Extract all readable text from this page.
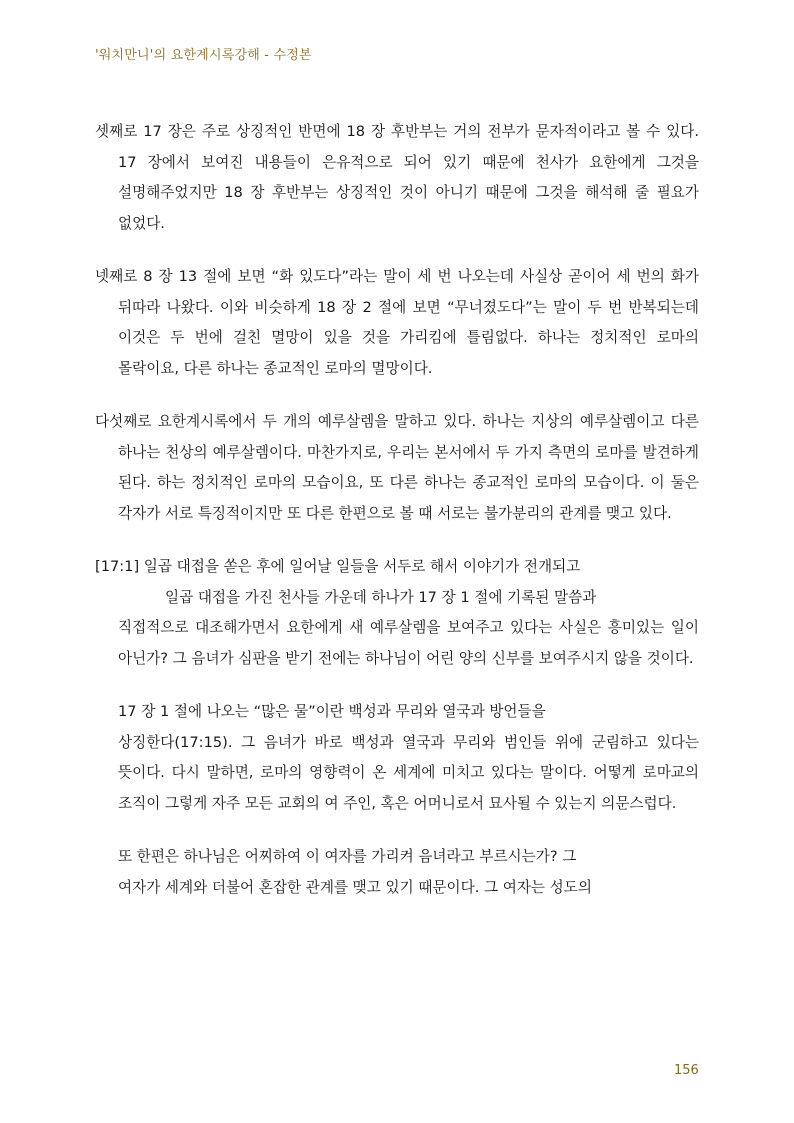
'워치만니'의 요한계시록강해 - 수정본

셋째로 17 장은 주로 상징적인 반면에 18 장 후반부는 거의 전부가 문자적이라고 볼 수 있다. 17 장에서 보여진 내용들이 은유적으로 되어 있기 때문에 천사가 요한에게 그것을 설명해주었지만 18 장 후반부는 상징적인 것이 아니기 때문에 그것을 해석해 줄 필요가 없었다.

넷째로 8 장 13 절에 보면 “화 있도다”라는 말이 세 번 나오는데 사실상 곧이어 세 번의 화가 뒤따라 나왔다. 이와 비슷하게 18 장 2 절에 보면 “무너졌도다”는 말이 두 번 반복되는데 이것은 두 번에 걸친 멸망이 있을 것을 가리킴에 틀림없다. 하나는 정치적인 로마의 몰락이요, 다른 하나는 종교적인 로마의 멸망이다.

다섯째로 요한계시록에서 두 개의 예루살렘을 말하고 있다. 하나는 지상의 예루살렘이고 다른 하나는 천상의 예루살렘이다. 마찬가지로, 우리는 본서에서 두 가지 측면의 로마를 발견하게 된다. 하는 정치적인 로마의 모습이요, 또 다른 하나는 종교적인 로마의 모습이다. 이 둘은 각자가 서로 특징적이지만 또 다른 한편으로 볼 때 서로는 불가분리의 관계를 맺고 있다.

[17:1] 일곱 대접을 쏟은 후에 일어날 일들을 서두로 해서 이야기가 전개되고
일곱 대접을 가진 천사들 가운데 하나가 17 장 1 절에 기록된 말씀과

직접적으로 대조해가면서 요한에게 새 예루살렘을 보여주고 있다는 사실은 흥미있는 일이 아닌가? 그 음녀가 심판을 받기 전에는 하나님이 어린 양의 신부를 보여주시지 않을 것이다.

17 장 1 절에 나오는 “많은 물”이란 백성과 무리와 열국과 방언들을

상징한다(17:15). 그 음녀가 바로 백성과 열국과 무리와 범인들 위에 군림하고 있다는 뜻이다. 다시 말하면, 로마의 영향력이 온 세계에 미치고 있다는 말이다. 어떻게 로마교의 조직이 그렇게 자주 모든 교회의 여 주인, 혹은 어머니로서 묘사될 수 있는지 의문스럽다.

또 한편은 하나님은 어찌하여 이 여자를 가리켜 음녀라고 부르시는가? 그
여자가 세계와 더불어 혼잡한 관계를 맺고 있기 때문이다. 그 여자는 성도의
156
